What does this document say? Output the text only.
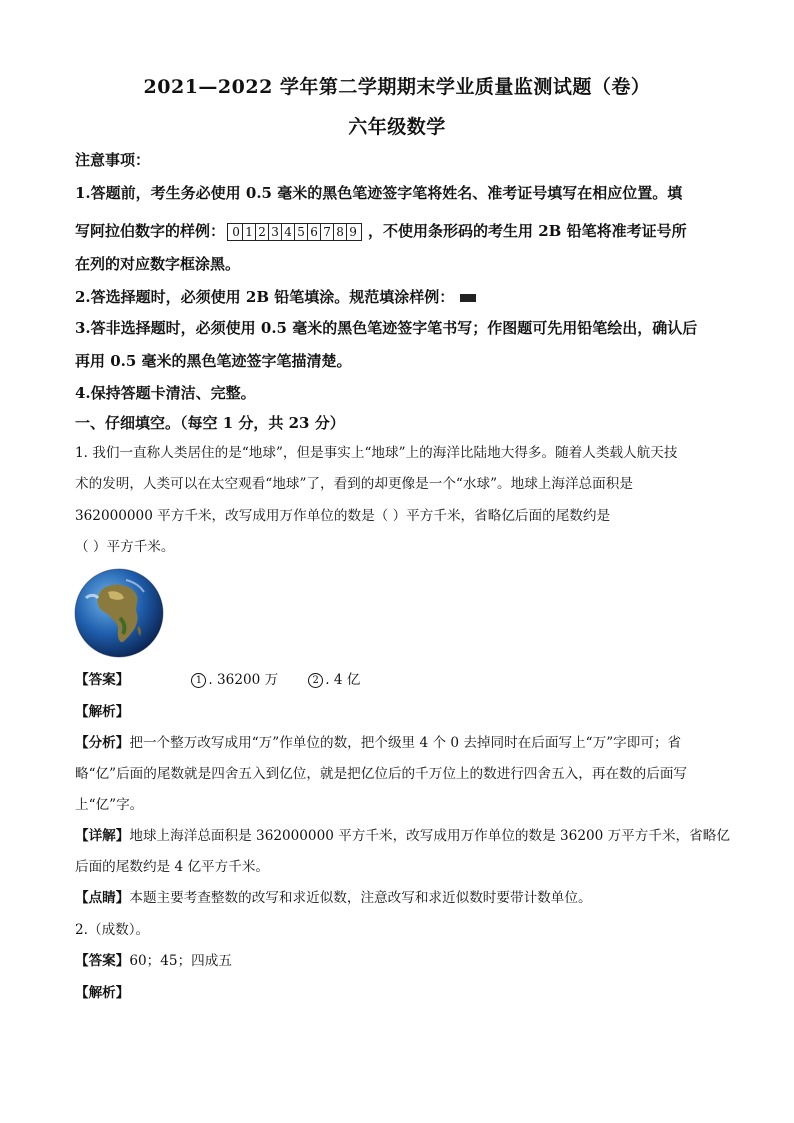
2021—2022 学年第二学期期末学业质量监测试题（卷）
六年级数学
注意事项：
1.答题前，考生务必使用 0.5 毫米的黑色笔迹签字笔将姓名、准考证号填写在相应位置。填
写阿拉伯数字的样例： 0 1 2 3 4 5 6 7 8 9 ，不使用条形码的考生用 2B 铅笔将准考证号所
在列的对应数字框涂黑。
2.答选择题时，必须使用 2B 铅笔填涂。规范填涂样例：
3.答非选择题时，必须使用 0.5 毫米的黑色笔迹签字笔书写；作图题可先用铅笔绘出，确认后
再用 0.5 毫米的黑色笔迹签字笔描清楚。
4.保持答题卡清洁、完整。
一、仔细填空。（每空 1 分，共 23 分）
1. 我们一直称人类居住的是“地球”，但是事实上“地球”上的海洋比陆地大得多。随着人类载人航天技
术的发明，人类可以在太空观看“地球”了，看到的却更像是一个“水球”。地球上海洋总面积是
362000000 平方千米，改写成用万作单位的数是（ ）平方千米，省略亿后面的尾数约是
（ ）平方千米。
【答案】	1 . 36200 万	2 . 4 亿
【解析】
【分析】把一个整万改写成用“万”作单位的数，把个级里 4 个 0 去掉同时在后面写上“万”字即可；省
略“亿”后面的尾数就是四舍五入到亿位，就是把亿位后的千万位上的数进行四舍五入，再在数的后面写
上“亿”字。
【详解】地球上海洋总面积是 362000000 平方千米，改写成用万作单位的数是 36200 万平方千米，省略亿
后面的尾数约是 4 亿平方千米。
【点睛】本题主要考查整数的改写和求近似数，注意改写和求近似数时要带计数单位。
2.（成数）。
【答案】60；45；四成五
【解析】
